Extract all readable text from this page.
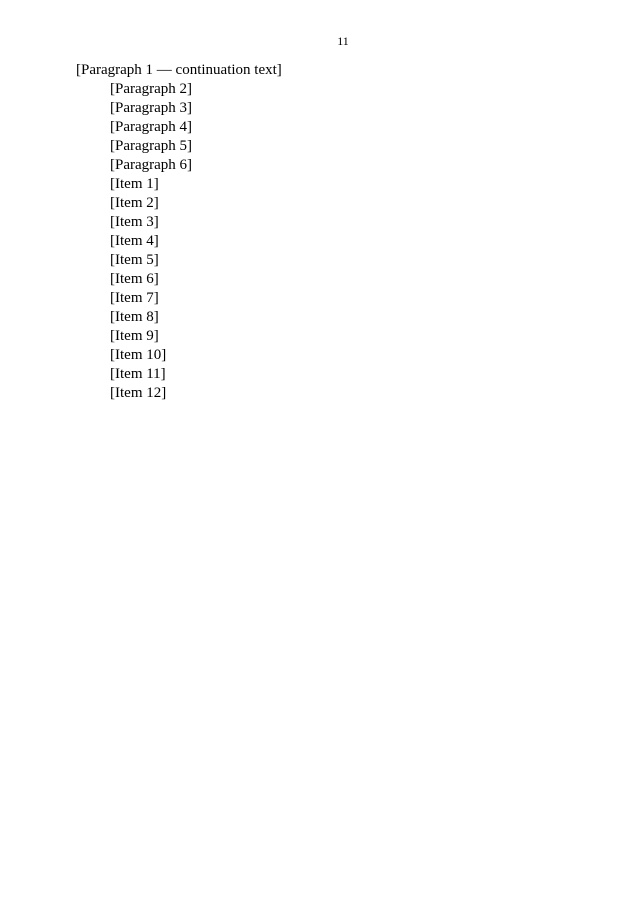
11

[Paragraph 1 — continuation text]

[Paragraph 2]

[Paragraph 3]

[Paragraph 4]

[Paragraph 5]

[Paragraph 6]

[Item 1]

[Item 2]

[Item 3]

[Item 4]

[Item 5]

[Item 6]

[Item 7]

[Item 8]

[Item 9]

[Item 10]

[Item 11]

[Item 12]
